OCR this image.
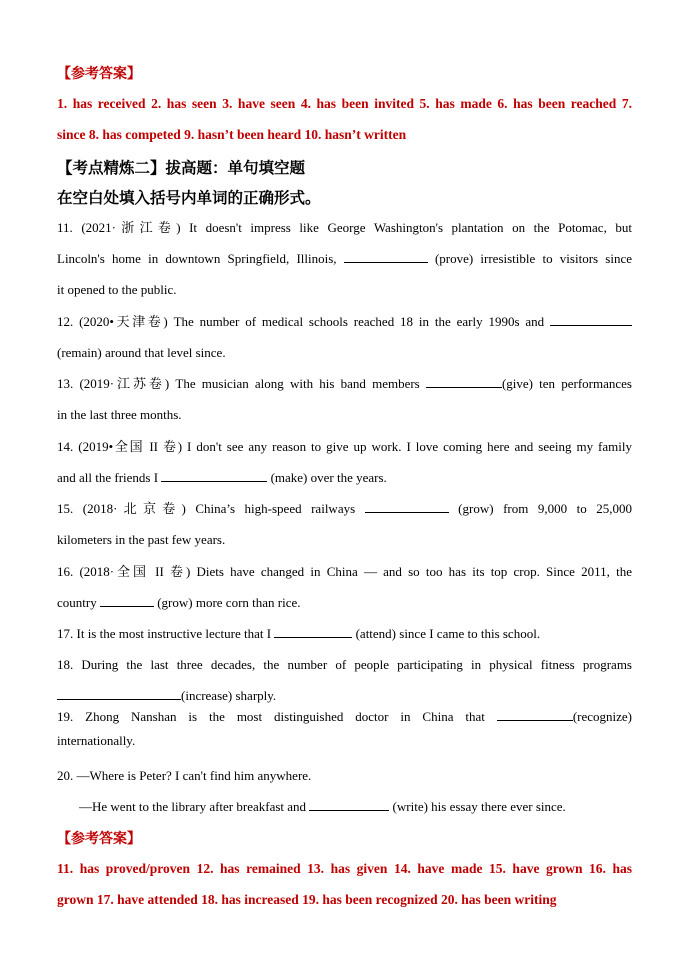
【参考答案】
1. has received 2. has seen 3. have seen 4. has been invited 5. has made 6. has been reached 7.
since 8. has competed 9. hasn’t been heard 10. hasn’t written
【考点精炼二】拔高题：单句填空题
在空白处填入括号内单词的正确形式。
11. (2021·浙江卷) It doesn't impress like George Washington's plantation on the Potomac, but
Lincoln's home in downtown Springfield, Illinois,	(prove) irresistible to visitors since
it opened to the public.
12. (2020•天津卷) The number of medical schools reached 18 in the early 1990s and
(remain) around that level since.
13. (2019·江苏卷) The musician along with his band members	(give) ten performances
in the last three months.
14. (2019•全国 II 卷) I don't see any reason to give up work. I love coming here and seeing my family
and all the friends I	(make) over the years.
15. (2018·北京卷) China’s high-speed railways	(grow) from 9,000 to 25,000
kilometers in the past few years.
16. (2018·全国 II 卷) Diets have changed in China — and so too has its top crop. Since 2011, the
country	(grow) more corn than rice.
17. It is the most instructive lecture that I	(attend) since I came to this school.
18. During the last three decades, the number of people participating in physical fitness programs
(increase) sharply.
19. Zhong Nanshan is the most distinguished doctor in China that	(recognize)
internationally.
20. —Where is Peter? I can't find him anywhere.
—He went to the library after breakfast and	(write) his essay there ever since.
【参考答案】
11. has proved/proven 12. has remained 13. has given 14. have made 15. have grown 16. has
grown 17. have attended 18. has increased 19. has been recognized 20. has been writing
